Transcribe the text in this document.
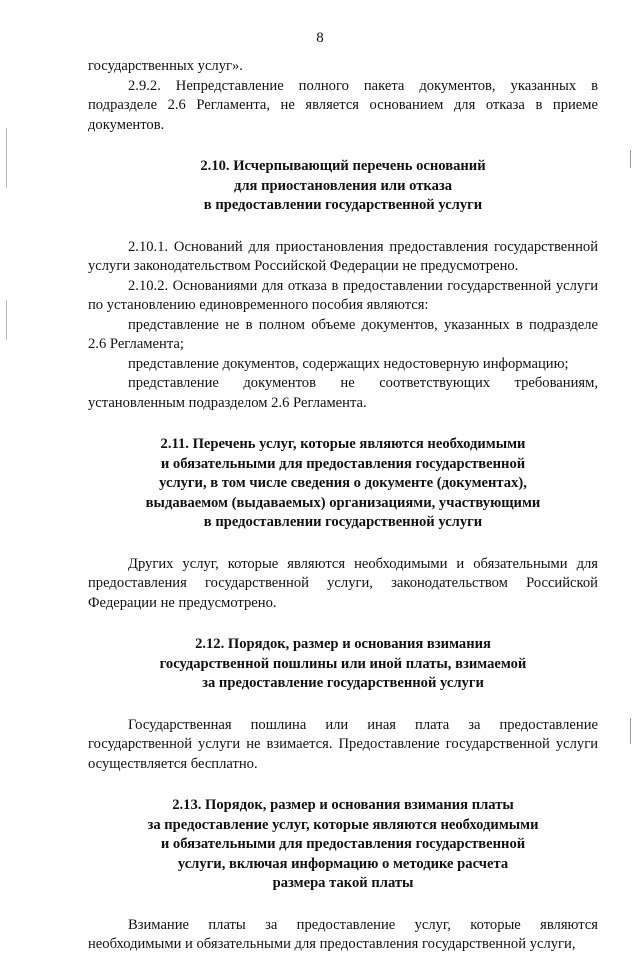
8

государственных услуг».

2.9.2. Непредставление полного пакета документов, указанных в подразделе 2.6 Регламента, не является основанием для отказа в приеме документов.

2.10. Исчерпывающий перечень оснований
для приостановления или отказа
в предоставлении государственной услуги

2.10.1. Оснований для приостановления предоставления государственной услуги законодательством Российской Федерации не предусмотрено.

2.10.2. Основаниями для отказа в предоставлении государственной услуги по установлению единовременного пособия являются:

представление не в полном объеме документов, указанных в подразделе 2.6 Регламента;

представление документов, содержащих недостоверную информацию;

представление документов не соответствующих требованиям, установленным подразделом 2.6 Регламента.

2.11. Перечень услуг, которые являются необходимыми
и обязательными для предоставления государственной
услуги, в том числе сведения о документе (документах),
выдаваемом (выдаваемых) организациями, участвующими
в предоставлении государственной услуги

Других услуг, которые являются необходимыми и обязательными для предоставления государственной услуги, законодательством Российской Федерации не предусмотрено.

2.12. Порядок, размер и основания взимания
государственной пошлины или иной платы, взимаемой
за предоставление государственной услуги

Государственная пошлина или иная плата за предоставление государственной услуги не взимается. Предоставление государственной услуги осуществляется бесплатно.

2.13. Порядок, размер и основания взимания платы
за предоставление услуг, которые являются необходимыми
и обязательными для предоставления государственной
услуги, включая информацию о методике расчета
размера такой платы

Взимание платы за предоставление услуг, которые являются необходимыми и обязательными для предоставления государственной услуги,
